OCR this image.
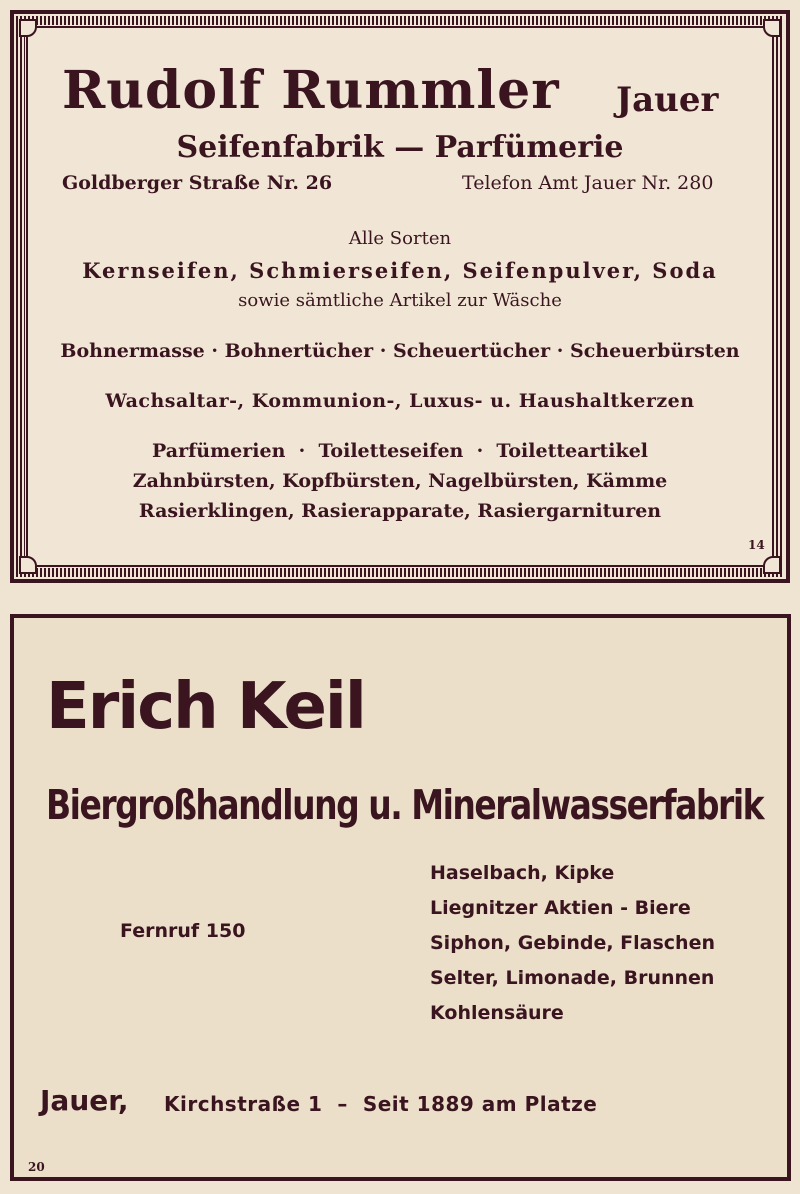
Rudolf Rummler Jauer
Seifenfabrik — Parfümerie
Goldberger Straße Nr. 26	Telefon Amt Jauer Nr. 280
Alle Sorten
Kernseifen, Schmierseifen, Seifenpulver, Soda
sowie sämtliche Artikel zur Wäsche
Bohnermasse · Bohnertücher · Scheuertücher · Scheuerbürsten
Wachsaltar-, Kommunion-, Luxus- u. Haushaltkerzen
Parfümerien  ·  Toiletteseifen  ·  Toiletteartikel
Zahnbürsten, Kopfbürsten, Nagelbürsten, Kämme
Rasierklingen, Rasierapparate, Rasiergarnituren
14
Erich Keil
Biergroßhandlung u. Mineralwasserfabrik
Fernruf 150
Haselbach, Kipke
Liegnitzer Aktien - Biere
Siphon, Gebinde, Flaschen
Selter, Limonade, Brunnen
Kohlensäure
Jauer, Kirchstraße 1  –  Seit 1889 am Platze
20
